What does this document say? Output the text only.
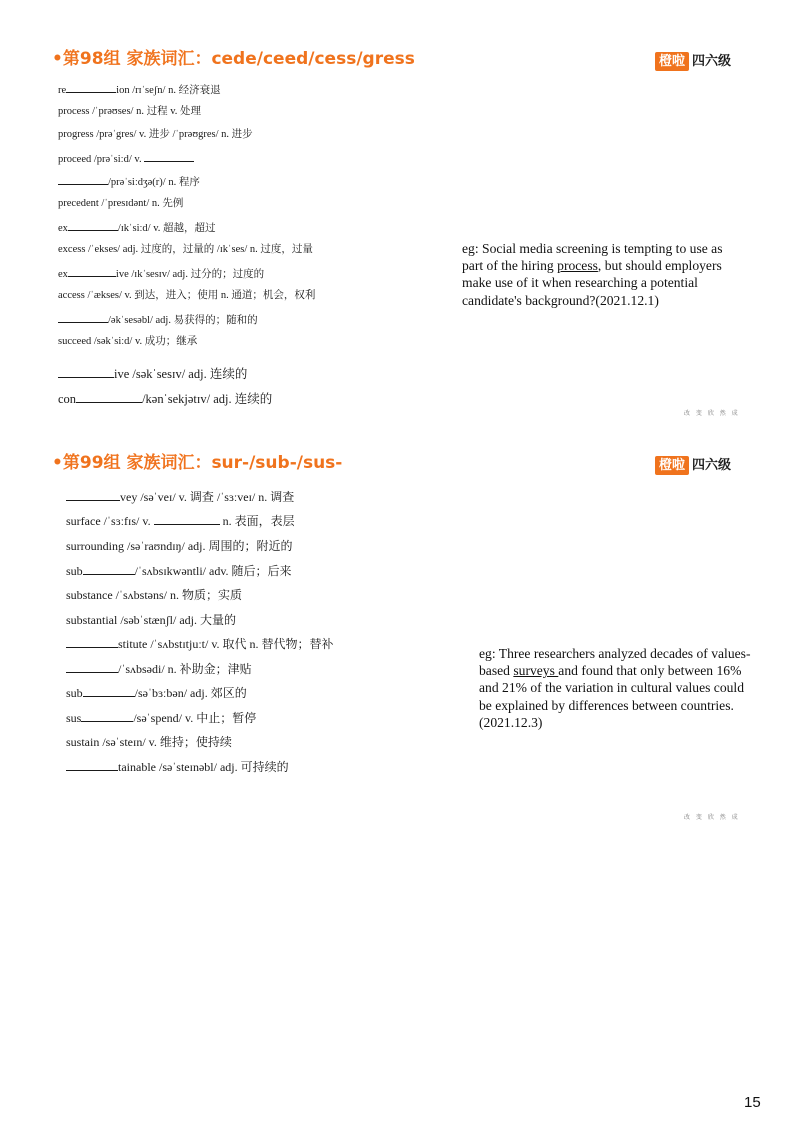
•第98组 家族词汇：cede/ceed/cess/gress	橙啦 四六级
re	ion /rɪˈseʃn/ n. 经济衰退
process /ˈprəʊses/ n. 过程 v. 处理
progress /prəˈgres/ v. 进步 /ˈprəʊgres/ n. 进步
proceed /prəˈsiːd/ v.
/prəˈsiːdʒə(r)/ n. 程序
precedent /ˈpresɪdənt/ n. 先例
ex	/ɪkˈsiːd/ v. 超越，超过
excess /ˈekses/ adj. 过度的，过量的 /ɪkˈses/ n. 过度，过量
ex	ive /ɪkˈsesɪv/ adj. 过分的；过度的
access /ˈækses/ v. 到达，进入；使用 n. 通道；机会，权利
/əkˈsesəbl/ adj. 易获得的；随和的
succeed /səkˈsiːd/ v. 成功；继承
ive /səkˈsesɪv/ adj. 连续的
con	/kənˈsekjətɪv/ adj. 连续的
eg: Social media screening is tempting to use as part of the hiring process, but should employers make use of it when researching a potential candidate's background?(2021.12.1)
改 变 欣 然 成
•第99组 家族词汇：sur-/sub-/sus-	橙啦 四六级
vey /səˈveɪ/ v. 调查 /ˈsɜːveɪ/ n. 调查
surface /ˈsɜːfɪs/ v.	n. 表面，表层
surrounding /səˈraʊndɪŋ/ adj. 周围的；附近的
sub	/ˈsʌbsɪkwəntli/ adv. 随后；后来
substance /ˈsʌbstəns/ n. 物质；实质
substantial /səbˈstænʃl/ adj. 大量的
stitute /ˈsʌbstɪtjuːt/ v. 取代 n. 替代物；替补
/ˈsʌbsədi/ n. 补助金；津贴
sub	/səˈbɜːbən/ adj. 郊区的
sus	/səˈspend/ v. 中止；暂停
sustain /səˈsteɪn/ v. 维持；使持续
tainable /səˈsteɪnəbl/ adj. 可持续的
eg: Three researchers analyzed decades of values-based surveys and found that only between 16% and 21% of the variation in cultural values could be explained by differences between countries. (2021.12.3)
改 变 欣 然 成
15
